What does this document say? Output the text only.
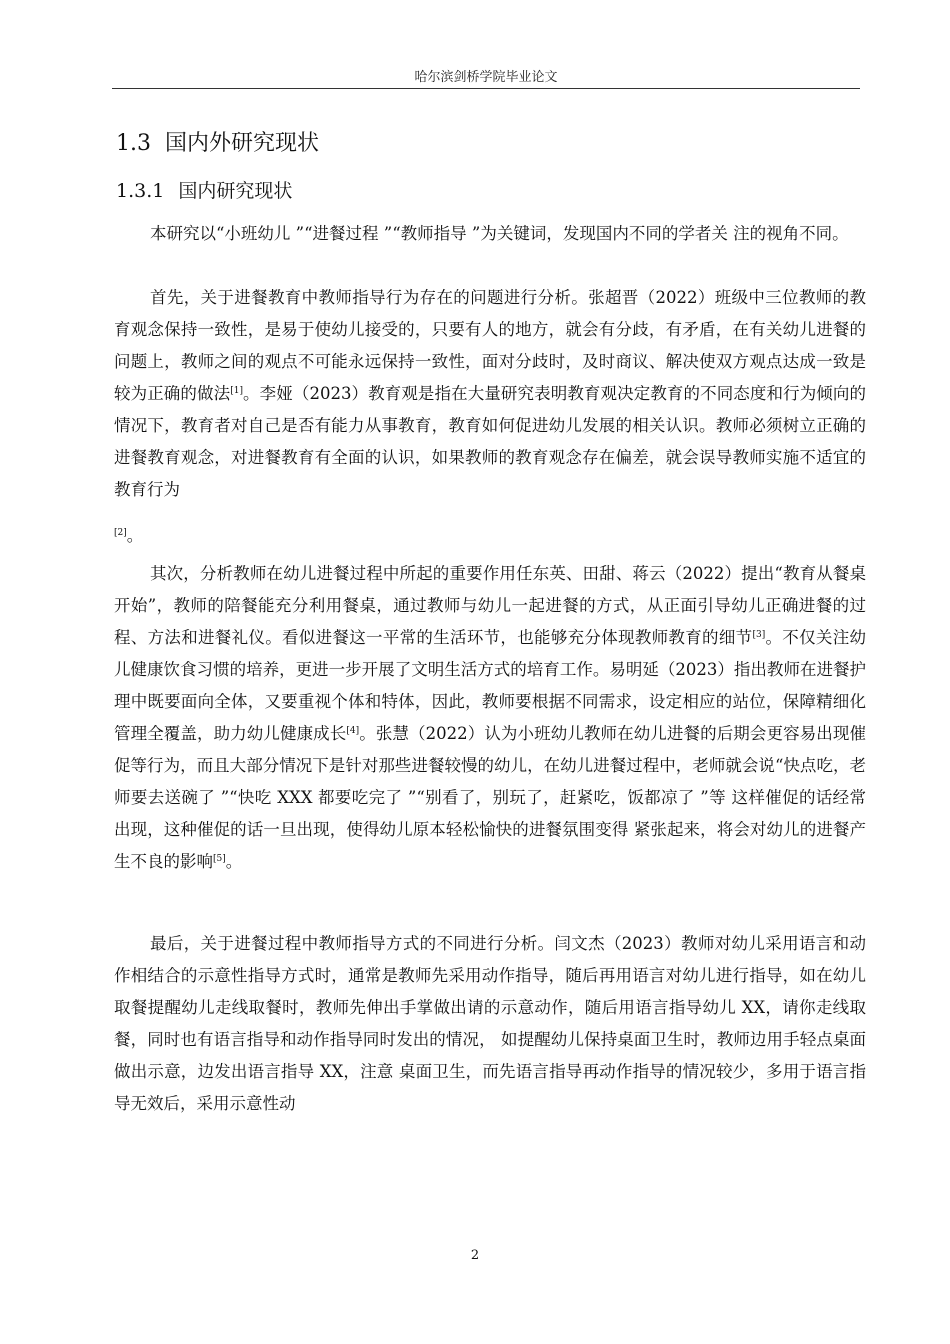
哈尔滨剑桥学院毕业论文
1.3 国内外研究现状
1.3.1 国内研究现状

本研究以“小班幼儿 ”“进餐过程 ”“教师指导 ”为关键词，发现国内不同的学者关 注的视角不同。

首先，关于进餐教育中教师指导行为存在的问题进行分析。张超晋（2022）班级中三位教师的教育观念保持一致性，是易于使幼儿接受的，只要有人的地方，就会有分歧，有矛盾，在有关幼儿进餐的问题上，教师之间的观点不可能永远保持一致性，面对分歧时，及时商议、解决使双方观点达成一致是较为正确的做法[1]。李娅（2023）教育观是指在大量研究表明教育观决定教育的不同态度和行为倾向的情况下，教育者对自己是否有能力从事教育，教育如何促进幼儿发展的相关认识。教师必须树立正确的进餐教育观念，对进餐教育有全面的认识，如果教师的教育观念存在偏差，就会误导教师实施不适宜的教育行为

[2]。

其次，分析教师在幼儿进餐过程中所起的重要作用任东英、田甜、蒋云（2022）提出“教育从餐桌开始”，教师的陪餐能充分利用餐桌，通过教师与幼儿一起进餐的方式，从正面引导幼儿正确进餐的过程、方法和进餐礼仪。看似进餐这一平常的生活环节，也能够充分体现教师教育的细节[3]。不仅关注幼儿健康饮食习惯的培养，更进一步开展了文明生活方式的培育工作。易明延（2023）指出教师在进餐护理中既要面向全体，又要重视个体和特体，因此，教师要根据不同需求，设定相应的站位，保障精细化管理全覆盖，助力幼儿健康成长[4]。张慧（2022）认为小班幼儿教师在幼儿进餐的后期会更容易出现催促等行为，而且大部分情况下是针对那些进餐较慢的幼儿，在幼儿进餐过程中，老师就会说“快点吃，老师要去送碗了 ”“快吃 XXX 都要吃完了 ”“别看了，别玩了，赶紧吃，饭都凉了 ”等 这样催促的话经常出现，这种催促的话一旦出现，使得幼儿原本轻松愉快的进餐氛围变得 紧张起来，将会对幼儿的进餐产生不良的影响[5]。

最后，关于进餐过程中教师指导方式的不同进行分析。闫文杰（2023）教师对幼儿采用语言和动作相结合的示意性指导方式时，通常是教师先采用动作指导，随后再用语言对幼儿进行指导，如在幼儿取餐提醒幼儿走线取餐时，教师先伸出手掌做出请的示意动作，随后用语言指导幼儿 XX，请你走线取餐，同时也有语言指导和动作指导同时发出的情况， 如提醒幼儿保持桌面卫生时，教师边用手轻点桌面做出示意，边发出语言指导 XX，注意 桌面卫生，而先语言指导再动作指导的情况较少，多用于语言指导无效后，采用示意性动

2
